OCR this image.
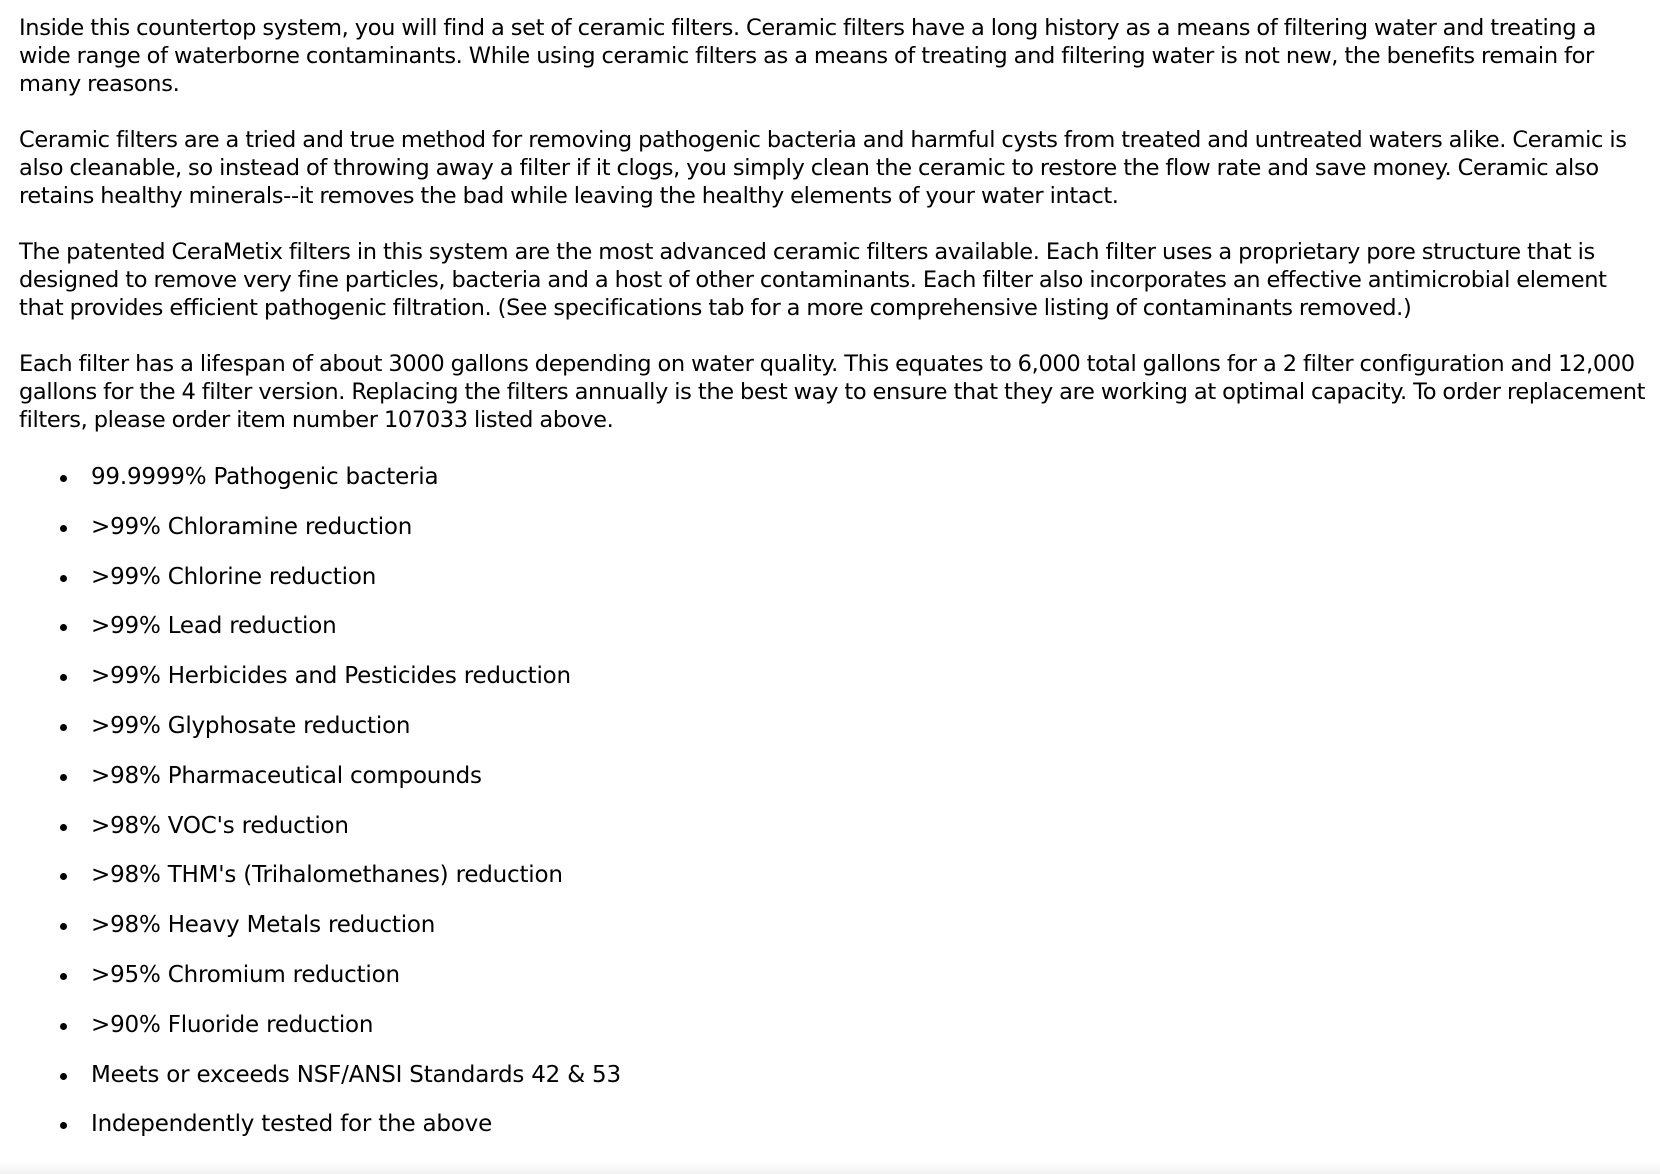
Inside this countertop system, you will find a set of ceramic filters. Ceramic filters have a long history as a means of filtering water and treating a wide range of waterborne contaminants. While using ceramic filters as a means of treating and filtering water is not new, the benefits remain for many reasons.

Ceramic filters are a tried and true method for removing pathogenic bacteria and harmful cysts from treated and untreated waters alike. Ceramic is also cleanable, so instead of throwing away a filter if it clogs, you simply clean the ceramic to restore the flow rate and save money. Ceramic also retains healthy minerals--it removes the bad while leaving the healthy elements of your water intact.

The patented CeraMetix filters in this system are the most advanced ceramic filters available. Each filter uses a proprietary pore structure that is designed to remove very fine particles, bacteria and a host of other contaminants. Each filter also incorporates an effective antimicrobial element that provides efficient pathogenic filtration. (See specifications tab for a more comprehensive listing of contaminants removed.)

Each filter has a lifespan of about 3000 gallons depending on water quality. This equates to 6,000 total gallons for a 2 filter configuration and 12,000 gallons for the 4 filter version. Replacing the filters annually is the best way to ensure that they are working at optimal capacity. To order replacement filters, please order item number 107033 listed above.

99.9999% Pathogenic bacteria
>99% Chloramine reduction
>99% Chlorine reduction
>99% Lead reduction
>99% Herbicides and Pesticides reduction
>99% Glyphosate reduction
>98% Pharmaceutical compounds
>98% VOC's reduction
>98% THM's (Trihalomethanes) reduction
>98% Heavy Metals reduction
>95% Chromium reduction
>90% Fluoride reduction
Meets or exceeds NSF/ANSI Standards 42 & 53
Independently tested for the above
